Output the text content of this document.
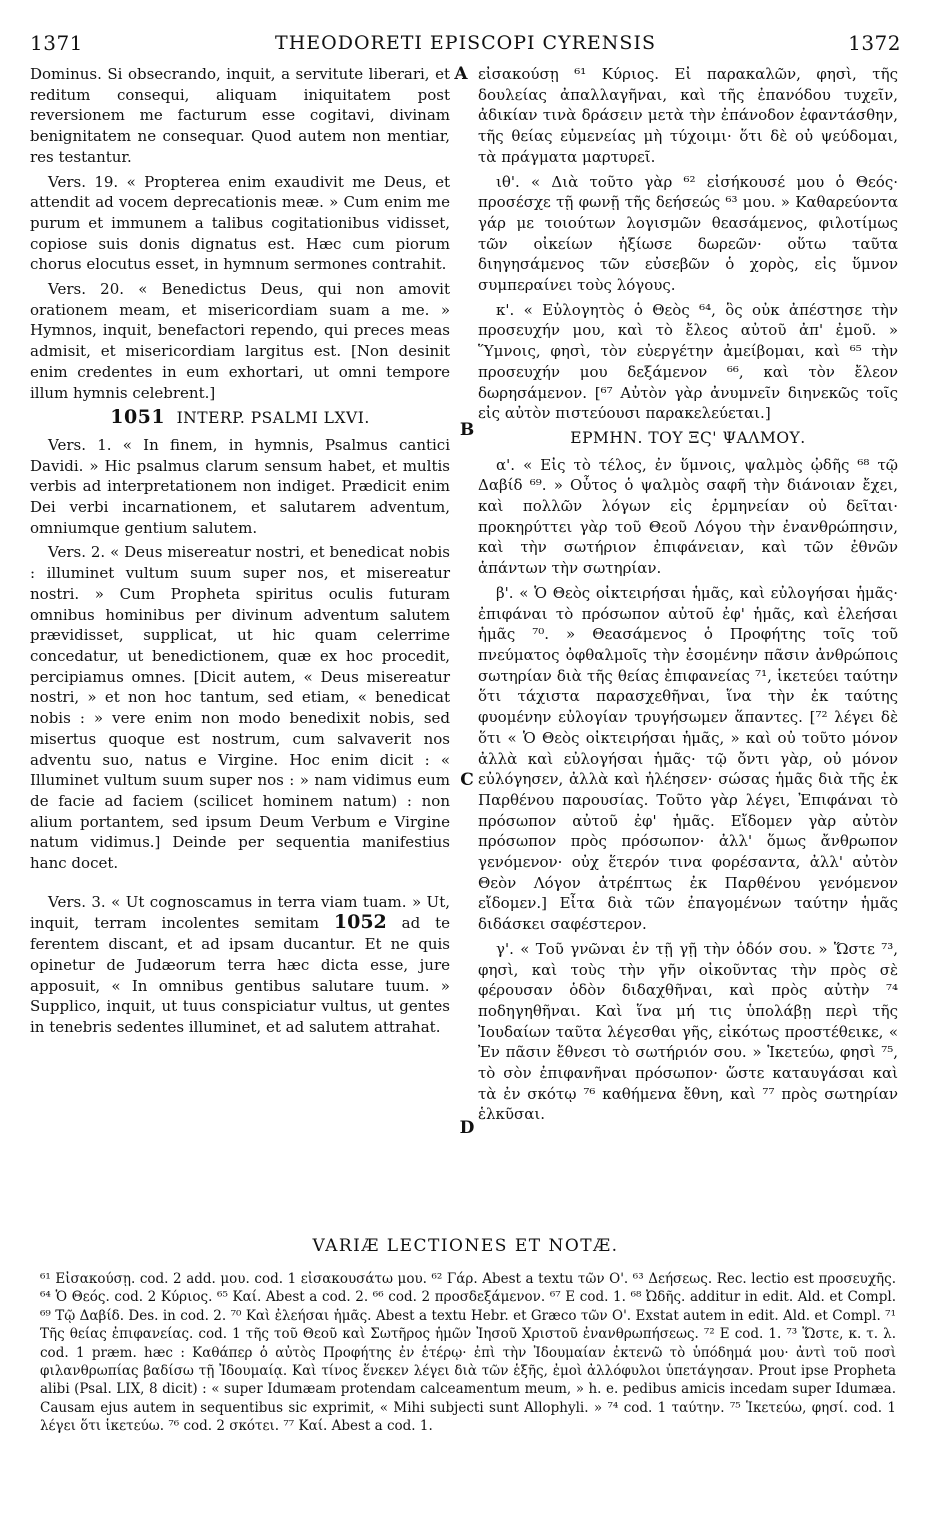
1371	THEODORETI EPISCOPI CYRENSIS	1372

Dominus. Si obsecrando, inquit, a servitute liberari, et reditum consequi, aliquam iniquitatem post reversionem me facturum esse cogitavi, divinam benignitatem ne consequar. Quod autem non mentiar, res testantur.

Vers. 19. « Propterea enim exaudivit me Deus, et attendit ad vocem deprecationis meæ. » Cum enim me purum et immunem a talibus cogitationibus vidisset, copiose suis donis dignatus est. Hæc cum piorum chorus elocutus esset, in hymnum sermones contrahit.

Vers. 20. « Benedictus Deus, qui non amovit orationem meam, et misericordiam suam a me. » Hymnos, inquit, benefactori rependo, qui preces meas admisit, et misericordiam largitus est. [Non desinit enim credentes in eum exhortari, ut omni tempore illum hymnis celebrent.]

1051 INTERP. PSALMI LXVI.

Vers. 1. « In finem, in hymnis, Psalmus cantici Davidi. » Hic psalmus clarum sensum habet, et multis verbis ad interpretationem non indiget. Prædicit enim Dei verbi incarnationem, et salutarem adventum, omniumque gentium salutem.

Vers. 2. « Deus misereatur nostri, et benedicat nobis : illuminet vultum suum super nos, et misereatur nostri. » Cum Propheta spiritus oculis futuram omnibus hominibus per divinum adventum salutem prævidisset, supplicat, ut hic quam celerrime concedatur, ut benedictionem, quæ ex hoc procedit, percipiamus omnes. [Dicit autem, « Deus misereatur nostri, » et non hoc tantum, sed etiam, « benedicat nobis : » vere enim non modo benedixit nobis, sed misertus quoque est nostrum, cum salvaverit nos adventu suo, natus e Virgine. Hoc enim dicit : « Illuminet vultum suum super nos : » nam vidimus eum de facie ad faciem (scilicet hominem natum) : non alium portantem, sed ipsum Deum Verbum e Virgine natum vidimus.] Deinde per sequentia manifestius hanc docet.

Vers. 3. « Ut cognoscamus in terra viam tuam. » Ut, inquit, terram incolentes semitam 1052 ad te ferentem discant, et ad ipsam ducantur. Et ne quis opinetur de Judæorum terra hæc dicta esse, jure apposuit, « In omnibus gentibus salutare tuum. » Supplico, inquit, ut tuus conspiciatur vultus, ut gentes in tenebris sedentes illuminet, et ad salutem attrahat.

A
B
C
D

εἰσακούσῃ ⁶¹ Κύριος. Εἰ παρακαλῶν, φησὶ, τῆς δουλείας ἀπαλλαγῆναι, καὶ τῆς ἐπανόδου τυχεῖν, ἀδικίαν τινὰ δράσειν μετὰ τὴν ἐπάνοδον ἐφαντάσθην, τῆς θείας εὐμενείας μὴ τύχοιμι· ὅτι δὲ οὐ ψεύδομαι, τὰ πράγματα μαρτυρεῖ.

ιθ'. « Διὰ τοῦτο γὰρ ⁶² εἰσήκουσέ μου ὁ Θεός· προσέσχε τῇ φωνῇ τῆς δεήσεώς ⁶³ μου. » Καθαρεύοντα γάρ με τοιούτων λογισμῶν θεασάμενος, φιλοτίμως τῶν οἰκείων ἠξίωσε δωρεῶν· οὕτω ταῦτα διηγησάμενος τῶν εὐσεβῶν ὁ χορὸς, εἰς ὕμνον συμπεραίνει τοὺς λόγους.

κ'. « Εὐλογητὸς ὁ Θεὸς ⁶⁴, ὃς οὐκ ἀπέστησε τὴν προσευχήν μου, καὶ τὸ ἔλεος αὐτοῦ ἀπ' ἐμοῦ. » Ὕμνοις, φησὶ, τὸν εὐεργέτην ἀμείβομαι, καὶ ⁶⁵ τὴν προσευχήν μου δεξάμενον ⁶⁶, καὶ τὸν ἔλεον δωρησάμενον. [⁶⁷ Αὐτὸν γὰρ ἀνυμνεῖν διηνεκῶς τοῖς εἰς αὐτὸν πιστεύουσι παρακελεύεται.]

ΕΡΜΗΝ. ΤΟΥ ΞϚ' ΨΑΛΜΟΥ.

α'. « Εἰς τὸ τέλος, ἐν ὕμνοις, ψαλμὸς ᾠδῆς ⁶⁸ τῷ Δαβίδ ⁶⁹. » Οὗτος ὁ ψαλμὸς σαφῆ τὴν διάνοιαν ἔχει, καὶ πολλῶν λόγων εἰς ἑρμηνείαν οὐ δεῖται· προκηρύττει γὰρ τοῦ Θεοῦ Λόγου τὴν ἐνανθρώπησιν, καὶ τὴν σωτήριον ἐπιφάνειαν, καὶ τῶν ἐθνῶν ἁπάντων τὴν σωτηρίαν.

β'. « Ὁ Θεὸς οἰκτειρήσαι ἡμᾶς, καὶ εὐλογήσαι ἡμᾶς· ἐπιφάναι τὸ πρόσωπον αὐτοῦ ἐφ' ἡμᾶς, καὶ ἐλεήσαι ἡμᾶς ⁷⁰. » Θεασάμενος ὁ Προφήτης τοῖς τοῦ πνεύματος ὀφθαλμοῖς τὴν ἐσομένην πᾶσιν ἀνθρώποις σωτηρίαν διὰ τῆς θείας ἐπιφανείας ⁷¹, ἱκετεύει ταύτην ὅτι τάχιστα παρασχεθῆναι, ἵνα τὴν ἐκ ταύτης φυομένην εὐλογίαν τρυγήσωμεν ἅπαντες. [⁷² λέγει δὲ ὅτι « Ὁ Θεὸς οἰκτειρήσαι ἡμᾶς, » καὶ οὐ τοῦτο μόνον ἀλλὰ καὶ εὐλογήσαι ἡμᾶς· τῷ ὄντι γὰρ, οὐ μόνον εὐλόγησεν, ἀλλὰ καὶ ἠλέησεν· σώσας ἡμᾶς διὰ τῆς ἐκ Παρθένου παρουσίας. Τοῦτο γὰρ λέγει, Ἐπιφάναι τὸ πρόσωπον αὐτοῦ ἐφ' ἡμᾶς. Εἴδομεν γὰρ αὐτὸν πρόσωπον πρὸς πρόσωπον· ἀλλ' ὅμως ἄνθρωπον γενόμενον· οὐχ ἕτερόν τινα φορέσαντα, ἀλλ' αὐτὸν Θεὸν Λόγον ἀτρέπτως ἐκ Παρθένου γενόμενον εἴδομεν.] Εἶτα διὰ τῶν ἐπαγομένων ταύτην ἡμᾶς διδάσκει σαφέστερον.

γ'. « Τοῦ γνῶναι ἐν τῇ γῇ τὴν ὁδόν σου. » Ὥστε ⁷³, φησὶ, καὶ τοὺς τὴν γῆν οἰκοῦντας τὴν πρὸς σὲ φέρουσαν ὁδὸν διδαχθῆναι, καὶ πρὸς αὐτὴν ⁷⁴ ποδηγηθῆναι. Καὶ ἵνα μή τις ὑπολάβῃ περὶ τῆς Ἰουδαίων ταῦτα λέγεσθαι γῆς, εἰκότως προστέθεικε, « Ἐν πᾶσιν ἔθνεσι τὸ σωτήριόν σου. » Ἱκετεύω, φησὶ ⁷⁵, τὸ σὸν ἐπιφανῆναι πρόσωπον· ὥστε καταυγάσαι καὶ τὰ ἐν σκότῳ ⁷⁶ καθήμενα ἔθνη, καὶ ⁷⁷ πρὸς σωτηρίαν ἑλκῦσαι.

VARIÆ LECTIONES ET NOTÆ.

⁶¹ Εἰσακούσῃ. cod. 2 add. μου. cod. 1 εἰσακουσάτω μου. ⁶² Γάρ. Abest a textu τῶν Ο'. ⁶³ Δεήσεως. Rec. lectio est προσευχῆς. ⁶⁴ Ὁ Θεός. cod. 2 Κύριος. ⁶⁵ Καί. Abest a cod. 2. ⁶⁶ cod. 2 προσδεξάμενον. ⁶⁷ E cod. 1. ⁶⁸ Ὠδῆς. additur in edit. Ald. et Compl. ⁶⁹ Τῷ Δαβίδ. Des. in cod. 2. ⁷⁰ Καὶ ἐλεήσαι ἡμᾶς. Abest a textu Hebr. et Græco τῶν Ο'. Exstat autem in edit. Ald. et Compl. ⁷¹ Τῆς θείας ἐπιφανείας. cod. 1 τῆς τοῦ Θεοῦ καὶ Σωτῆρος ἡμῶν Ἰησοῦ Χριστοῦ ἐνανθρωπήσεως. ⁷² E cod. 1. ⁷³ Ὥστε, κ. τ. λ. cod. 1 præm. hæc : Καθάπερ ὁ αὐτὸς Προφήτης ἐν ἑτέρῳ· ἐπὶ τὴν Ἰδουμαίαν ἐκτενῶ τὸ ὑπόδημά μου· ἀντὶ τοῦ ποσὶ φιλανθρωπίας βαδίσω τῇ Ἰδουμαίᾳ. Καὶ τίνος ἕνεκεν λέγει διὰ τῶν ἑξῆς, ἐμοὶ ἀλλόφυλοι ὑπετάγησαν. Prout ipse Propheta alibi (Psal. LIX, 8 dicit) : « super Idumæam protendam calceamentum meum, » h. e. pedibus amicis incedam super Idumæa. Causam ejus autem in sequentibus sic exprimit, « Mihi subjecti sunt Allophyli. » ⁷⁴ cod. 1 ταύτην. ⁷⁵ Ἱκετεύω, φησί. cod. 1 λέγει ὅτι ἱκετεύω. ⁷⁶ cod. 2 σκότει. ⁷⁷ Καί. Abest a cod. 1.
